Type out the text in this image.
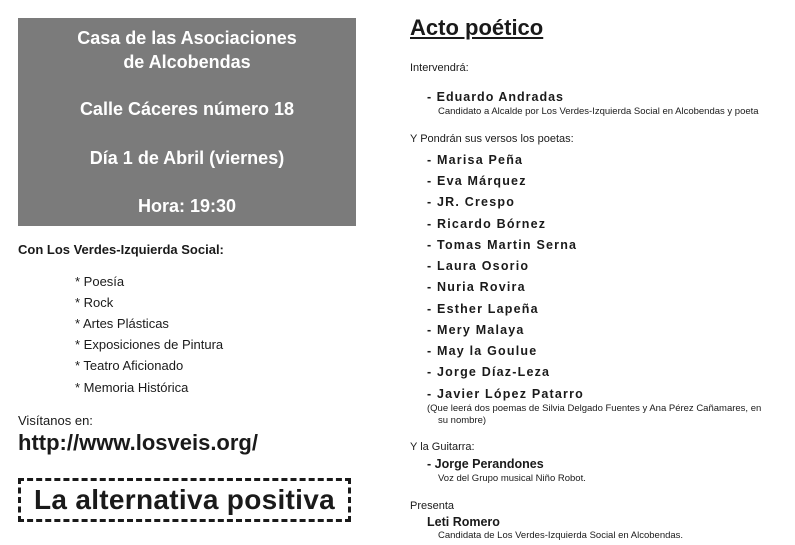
Casa de las Asociaciones
de Alcobendas
Calle Cáceres número 18
Día 1 de Abril (viernes)
Hora: 19:30
Con Los Verdes-Izquierda Social:
* Poesía
* Rock
* Artes Plásticas
* Exposiciones de Pintura
* Teatro Aficionado
* Memoria Histórica
Visítanos en:
http://www.losveis.org/
La alternativa positiva
Acto poético
Intervendrá:
- Eduardo Andradas
Candidato a Alcalde por Los Verdes-Izquierda Social en Alcobendas y poeta
Y Pondrán sus versos los poetas:
- Marisa Peña
- Eva Márquez
- JR. Crespo
- Ricardo Bórnez
- Tomas Martin Serna
- Laura Osorio
- Nuria Rovira
- Esther Lapeña
- Mery Malaya
- May la Goulue
- Jorge Díaz-Leza
- Javier López Patarro
(Que leerá dos poemas de Silvia Delgado Fuentes y Ana Pérez Cañamares, en
su nombre)
Y la Guitarra:
- Jorge Perandones
Voz del Grupo musical Niño Robot.
Presenta
Leti Romero
Candidata de Los Verdes-Izquierda Social en Alcobendas.
